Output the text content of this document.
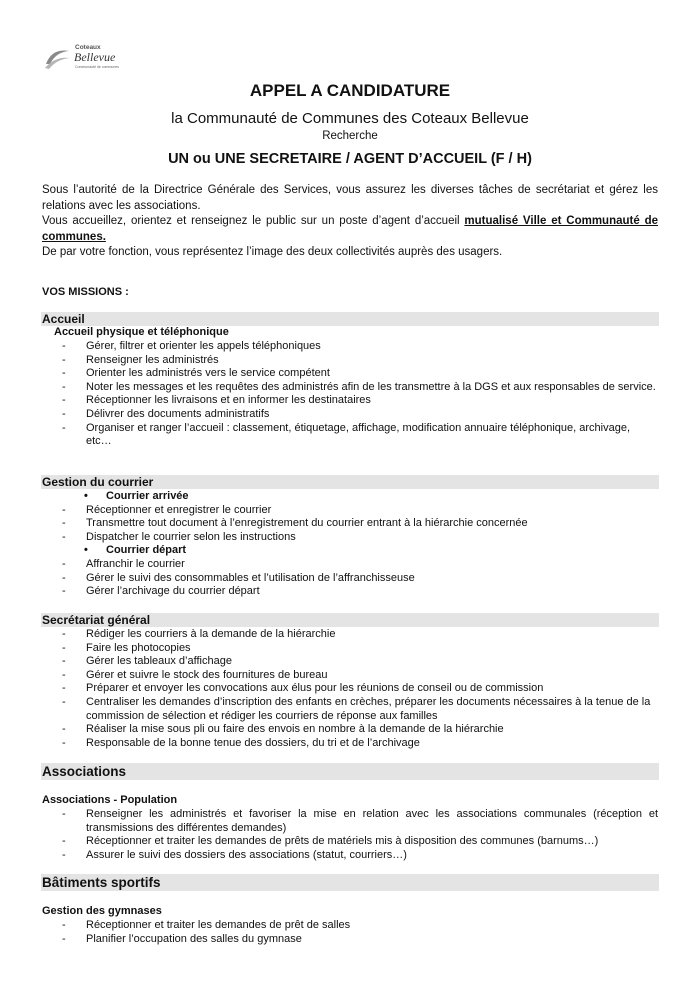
Coteaux
Bellevue
Communauté de communes
APPEL A CANDIDATURE
la Communauté de Communes des Coteaux Bellevue
Recherche
UN ou UNE SECRETAIRE / AGENT D’ACCUEIL (F / H)

Sous l’autorité de la Directrice Générale des Services, vous assurez les diverses tâches de secrétariat et gérez les relations avec les associations.

Vous accueillez, orientez et renseignez le public sur un poste d’agent d’accueil mutualisé Ville et Communauté de communes.

De par votre fonction, vous représentez l’image des deux collectivités auprès des usagers.

VOS MISSIONS :
Accueil
Accueil physique et téléphonique
-	Gérer, filtrer et orienter les appels téléphoniques
-	Renseigner les administrés
-	Orienter les administrés vers le service compétent
-	Noter les messages et les requêtes des administrés afin de les transmettre à la DGS et aux responsables de service.
-	Réceptionner les livraisons et en informer les destinataires
-	Délivrer des documents administratifs
-	Organiser et ranger l’accueil : classement, étiquetage, affichage, modification annuaire téléphonique, archivage, etc…
Gestion du courrier
• Courrier arrivée
-	Réceptionner et enregistrer le courrier
-	Transmettre tout document à l’enregistrement du courrier entrant à la hiérarchie concernée
-	Dispatcher le courrier selon les instructions
• Courrier départ
-	Affranchir le courrier
-	Gérer le suivi des consommables et l’utilisation de l’affranchisseuse
-	Gérer l’archivage du courrier départ
Secrétariat général
-	Rédiger les courriers à la demande de la hiérarchie
-	Faire les photocopies
-	Gérer les tableaux d’affichage
-	Gérer et suivre le stock des fournitures de bureau
-	Préparer et envoyer les convocations aux élus pour les réunions de conseil ou de commission
-	Centraliser les demandes d’inscription des enfants en crèches, préparer les documents nécessaires à la tenue de la commission de sélection et rédiger les courriers de réponse aux familles
-	Réaliser la mise sous pli ou faire des envois en nombre à la demande de la hiérarchie
-	Responsable de la bonne tenue des dossiers, du tri et de l’archivage
Associations
Associations - Population
-	Renseigner les administrés et favoriser la mise en relation avec les associations communales (réception et transmissions des différentes demandes)
-	Réceptionner et traiter les demandes de prêts de matériels mis à disposition des communes (barnums…)
-	Assurer le suivi des dossiers des associations (statut, courriers…)
Bâtiments sportifs
Gestion des gymnases
-	Réceptionner et traiter les demandes de prêt de salles
-	Planifier l’occupation des salles du gymnase
